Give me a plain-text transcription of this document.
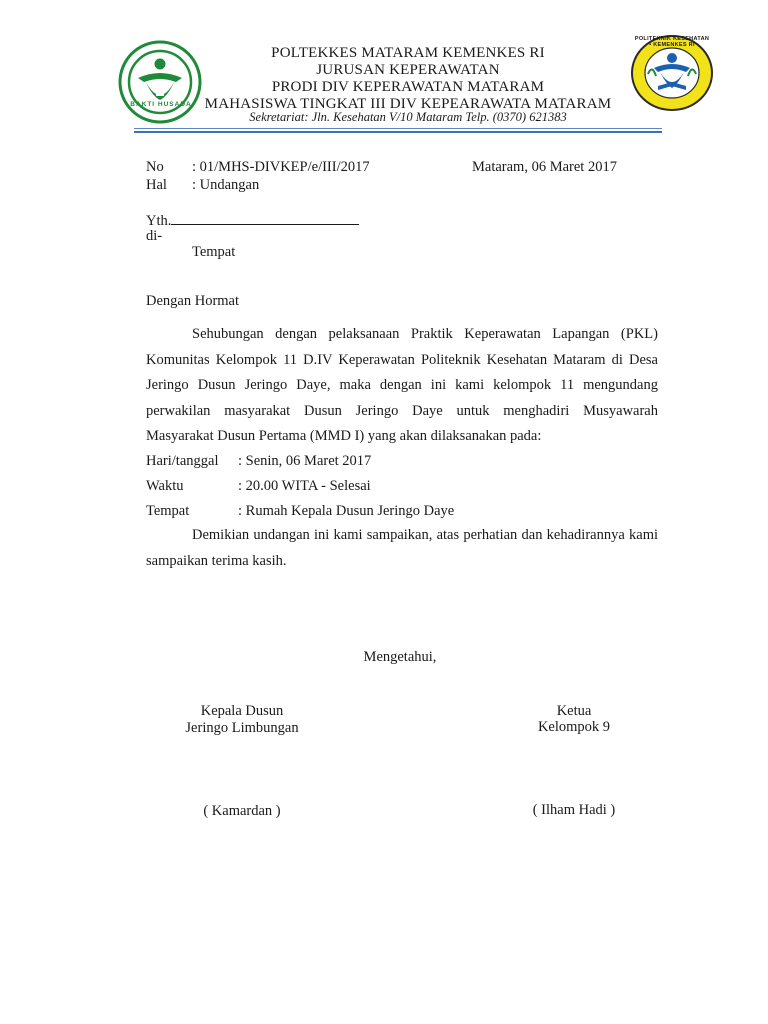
BAKTI HUSADA
POLITEKNIK KESEHATAN • KEMENKES RI
POLTEKKES MATARAM KEMENKES RI
JURUSAN KEPERAWATAN
PRODI DIV KEPERAWATAN MATARAM
MAHASISWA TINGKAT III DIV KEPEARAWATA MATARAM
Sekretariat: Jln. Kesehatan V/10 Mataram Telp. (0370) 621383
No : 01/MHS-DIVKEP/e/III/2017	Mataram, 06 Maret 2017
Hal : Undangan
Yth.
di-
Tempat
Dengan Hormat
Sehubungan dengan pelaksanaan Praktik Keperawatan Lapangan (PKL) Komunitas Kelompok 11 D.IV Keperawatan Politeknik Kesehatan Mataram di Desa Jeringo Dusun Jeringo Daye, maka dengan ini kami kelompok 11 mengundang perwakilan masyarakat Dusun Jeringo Daye untuk menghadiri Musyawarah Masyarakat Dusun Pertama (MMD I) yang akan dilaksanakan pada:
Hari/tanggal : Senin, 06 Maret 2017
Waktu	: 20.00 WITA - Selesai
Tempat	: Rumah Kepala Dusun Jeringo Daye
Demikian undangan ini kami sampaikan, atas perhatian dan kehadirannya kami sampaikan terima kasih.
Mengetahui,
Kepala Dusun
Jeringo Limbungan
( Kamardan )
Ketua
Kelompok 9
( Ilham Hadi )
